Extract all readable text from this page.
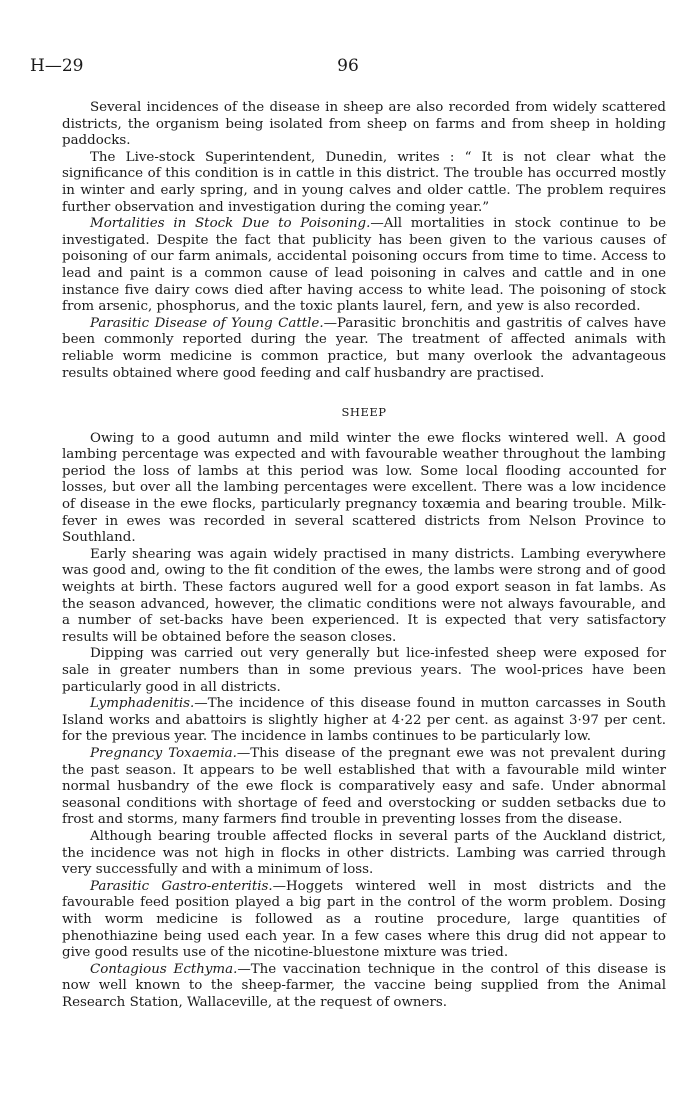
H—29	96

Several incidences of the disease in sheep are also recorded from widely scattered districts, the organism being isolated from sheep on farms and from sheep in holding paddocks.

The Live-stock Superintendent, Dunedin, writes : “ It is not clear what the significance of this condition is in cattle in this district. The trouble has occurred mostly in winter and early spring, and in young calves and older cattle. The problem requires further observation and investigation during the coming year.”

Mortalities in Stock Due to Poisoning.—All mortalities in stock continue to be investigated. Despite the fact that publicity has been given to the various causes of poisoning of our farm animals, accidental poisoning occurs from time to time. Access to lead and paint is a common cause of lead poisoning in calves and cattle and in one instance five dairy cows died after having access to white lead. The poisoning of stock from arsenic, phosphorus, and the toxic plants laurel, fern, and yew is also recorded.

Parasitic Disease of Young Cattle.—Parasitic bronchitis and gastritis of calves have been commonly reported during the year. The treatment of affected animals with reliable worm medicine is common practice, but many overlook the advantageous results obtained where good feeding and calf husbandry are practised.

SHEEP

Owing to a good autumn and mild winter the ewe flocks wintered well. A good lambing percentage was expected and with favourable weather throughout the lambing period the loss of lambs at this period was low. Some local flooding accounted for losses, but over all the lambing percentages were excellent. There was a low incidence of disease in the ewe flocks, particularly pregnancy toxæmia and bearing trouble. Milk-fever in ewes was recorded in several scattered districts from Nelson Province to Southland.

Early shearing was again widely practised in many districts. Lambing everywhere was good and, owing to the fit condition of the ewes, the lambs were strong and of good weights at birth. These factors augured well for a good export season in fat lambs. As the season advanced, however, the climatic conditions were not always favourable, and a number of set-backs have been experienced. It is expected that very satisfactory results will be obtained before the season closes.

Dipping was carried out very generally but lice-infested sheep were exposed for sale in greater numbers than in some previous years. The wool-prices have been particularly good in all districts.

Lymphadenitis.—The incidence of this disease found in mutton carcasses in South Island works and abattoirs is slightly higher at 4·22 per cent. as against 3·97 per cent. for the previous year. The incidence in lambs continues to be particularly low.

Pregnancy Toxaemia.—This disease of the pregnant ewe was not prevalent during the past season. It appears to be well established that with a favourable mild winter normal husbandry of the ewe flock is comparatively easy and safe. Under abnormal seasonal conditions with shortage of feed and overstocking or sudden setbacks due to frost and storms, many farmers find trouble in preventing losses from the disease.

Although bearing trouble affected flocks in several parts of the Auckland district, the incidence was not high in flocks in other districts. Lambing was carried through very successfully and with a minimum of loss.

Parasitic Gastro-enteritis.—Hoggets wintered well in most districts and the favourable feed position played a big part in the control of the worm problem. Dosing with worm medicine is followed as a routine procedure, large quantities of phenothiazine being used each year. In a few cases where this drug did not appear to give good results use of the nicotine-bluestone mixture was tried.

Contagious Ecthyma.—The vaccination technique in the control of this disease is now well known to the sheep-farmer, the vaccine being supplied from the Animal Research Station, Wallaceville, at the request of owners.
